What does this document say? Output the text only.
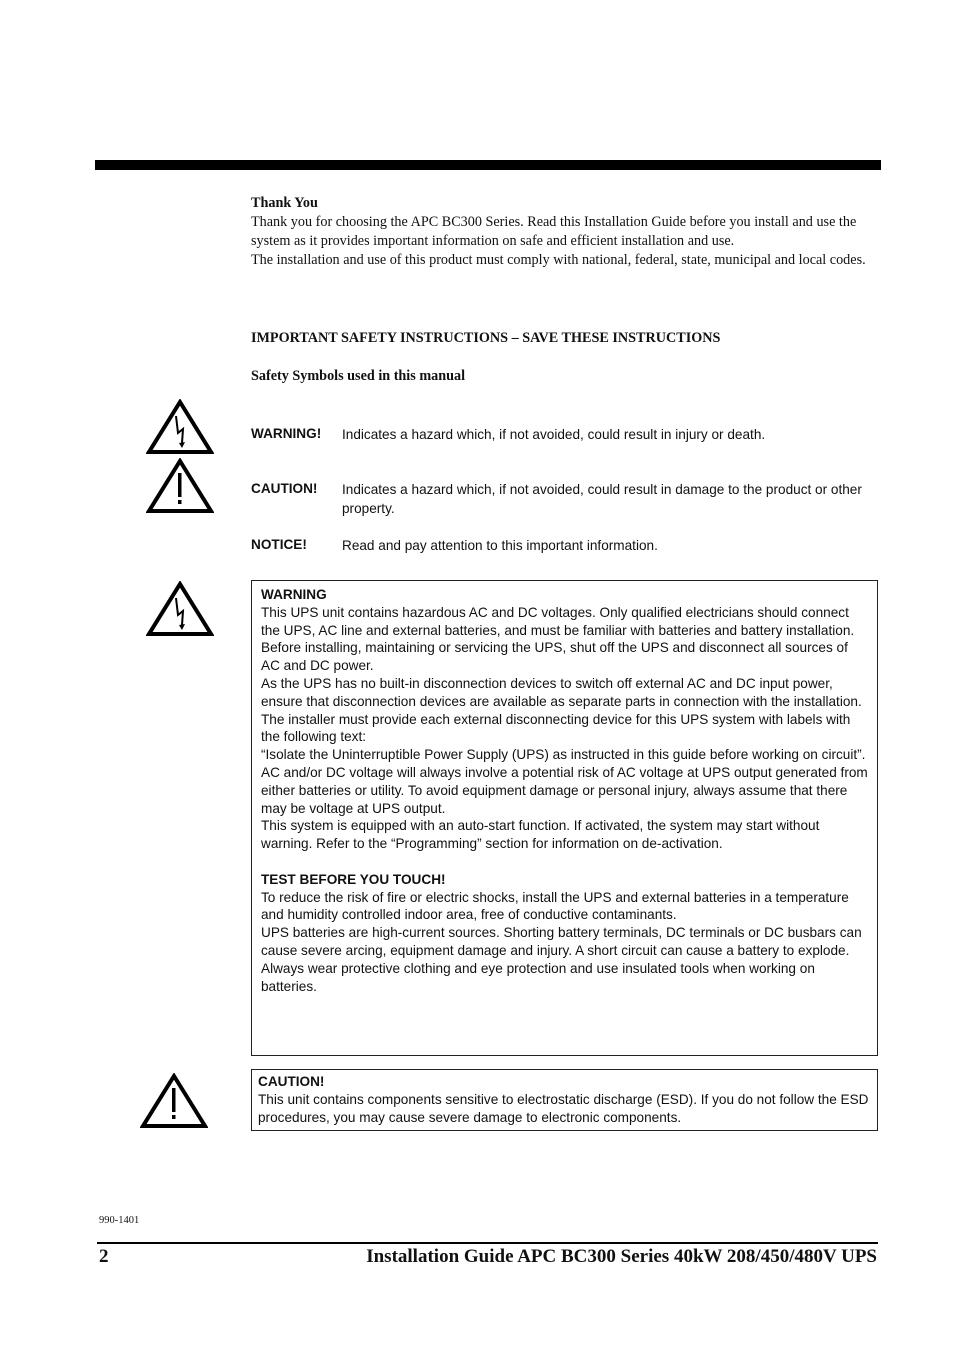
Thank You

Thank you for choosing the APC BC300 Series. Read this Installation Guide before you install and use the system as it provides important information on safe and efficient installation and use.

The installation and use of this product must comply with national, federal, state, municipal and local codes.

IMPORTANT SAFETY INSTRUCTIONS – SAVE THESE INSTRUCTIONS

Safety Symbols used in this manual

WARNING! Indicates a hazard which, if not avoided, could result in injury or death.
CAUTION! Indicates a hazard which, if not avoided, could result in damage to the product or other property.
NOTICE!	Read and pay attention to this important information.

WARNING

This UPS unit contains hazardous AC and DC voltages. Only qualified electricians should connect the UPS, AC line and external batteries, and must be familiar with batteries and battery installation.

Before installing, maintaining or servicing the UPS, shut off the UPS and disconnect all sources of AC and DC power.

As the UPS has no built-in disconnection devices to switch off external AC and DC input power, ensure that disconnection devices are available as separate parts in connection with the installation.

The installer must provide each external disconnecting device for this UPS system with labels with the following text:

“Isolate the Uninterruptible Power Supply (UPS) as instructed in this guide before working on circuit”.

AC and/or DC voltage will always involve a potential risk of AC voltage at UPS output generated from either batteries or utility. To avoid equipment damage or personal injury, always assume that there may be voltage at UPS output.

This system is equipped with an auto-start function. If activated, the system may start without warning. Refer to the “Programming” section for information on de-activation.

TEST BEFORE YOU TOUCH!

To reduce the risk of fire or electric shocks, install the UPS and external batteries in a temperature and humidity controlled indoor area, free of conductive contaminants.

UPS batteries are high-current sources. Shorting battery terminals, DC terminals or DC busbars can cause severe arcing, equipment damage and injury. A short circuit can cause a battery to explode. Always wear protective clothing and eye protection and use insulated tools when working on batteries.

CAUTION!

This unit contains components sensitive to electrostatic discharge (ESD). If you do not follow the ESD procedures, you may cause severe damage to electronic components.

990-1401
2	Installation Guide APC BC300 Series 40kW 208/450/480V UPS
